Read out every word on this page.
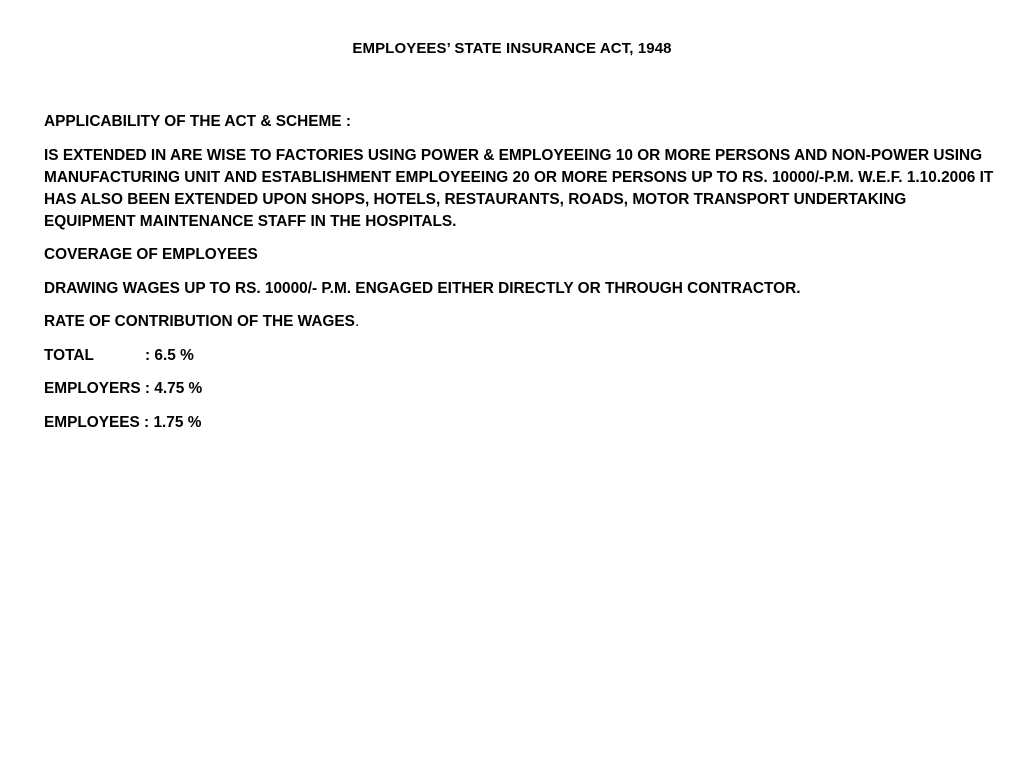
EMPLOYEES’ STATE INSURANCE ACT, 1948
APPLICABILITY OF THE ACT & SCHEME :
IS EXTENDED IN ARE WISE TO FACTORIES USING POWER & EMPLOYEEING 10 OR MORE PERSONS AND NON-POWER USING MANUFACTURING UNIT AND ESTABLISHMENT EMPLOYEEING 20 OR MORE PERSONS UP TO RS. 10000/-P.M. W.E.F. 1.10.2006 IT HAS ALSO BEEN EXTENDED UPON SHOPS, HOTELS, RESTAURANTS, ROADS, MOTOR TRANSPORT UNDERTAKING EQUIPMENT MAINTENANCE STAFF IN THE HOSPITALS.
COVERAGE OF EMPLOYEES
DRAWING WAGES UP TO RS. 10000/- P.M. ENGAGED EITHER DIRECTLY OR THROUGH CONTRACTOR.
RATE OF CONTRIBUTION OF THE WAGES.
TOTAL	: 6.5 %
EMPLOYERS : 4.75 %
EMPLOYEES : 1.75 %
